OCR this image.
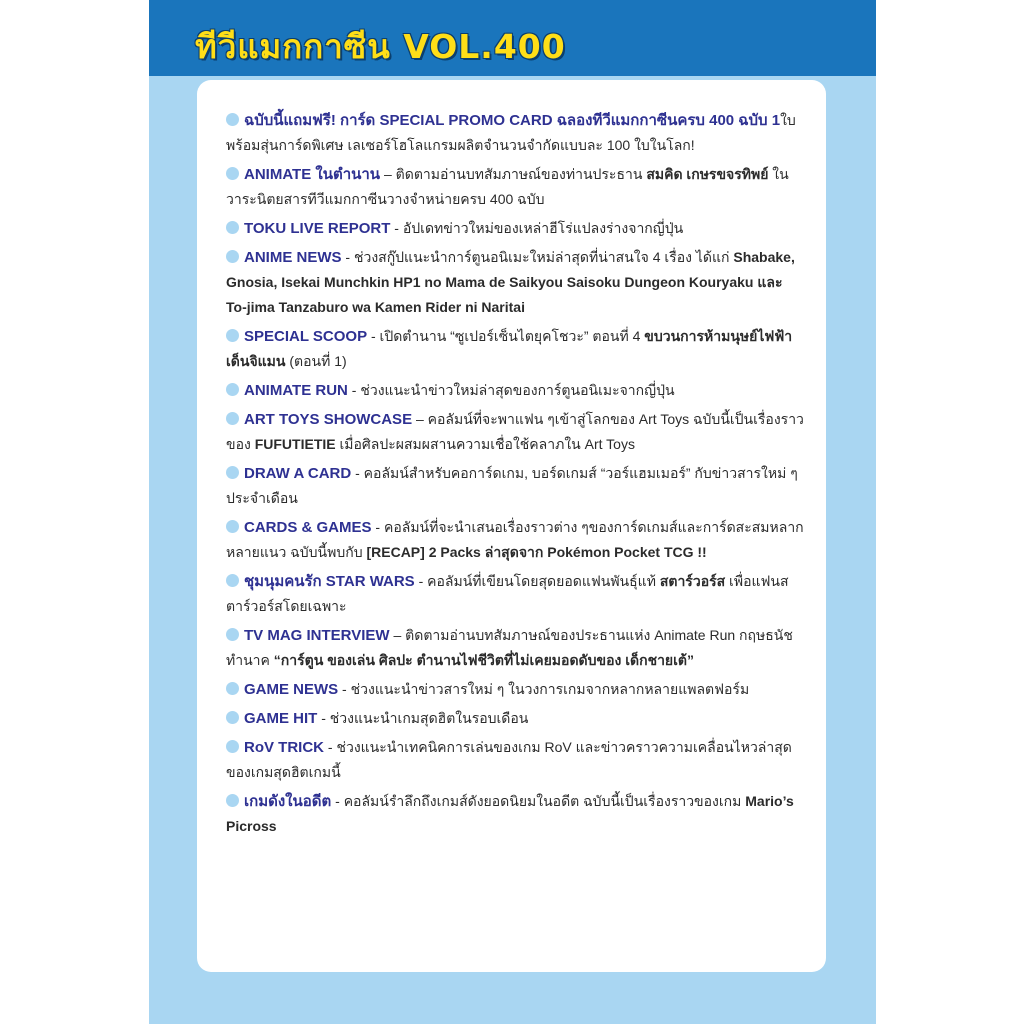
ทีวีแมกกาซีน VOL.400
ฉบับนี้แถมฟรี! การ์ด SPECIAL PROMO CARD ฉลองทีวีแมกกาซีนครบ 400 ฉบับ 1ใบ พร้อมสุ่นการ์ดพิเศษ เลเซอร์โฮโลแกรมผลิตจำนวนจำกัดแบบละ 100 ใบในโลก!
ANIMATE ในตำนาน – ติดตามอ่านบทสัมภาษณ์ของท่านประธาน สมคิด เกษรขจรทิพย์ ในวาระนิตยสารทีวีแมกกาซีนวางจำหน่ายครบ 400 ฉบับ
TOKU LIVE REPORT - อัปเดทข่าวใหม่ของเหล่าฮีโร่แปลงร่างจากญี่ปุ่น
ANIME NEWS - ช่วงสกู๊ปแนะนำการ์ตูนอนิเมะใหม่ล่าสุดที่น่าสนใจ 4 เรื่อง ได้แก่ Shabake, Gnosia, Isekai Munchkin HP1 no Mama de Saikyou Saisoku Dungeon Kouryaku และ To-jima Tanzaburo wa Kamen Rider ni Naritai
SPECIAL SCOOP - เปิดตำนาน “ซูเปอร์เซ็นไตยุคโชวะ” ตอนที่ 4 ขบวนการห้ามนุษย์ไฟฟ้าเด็นจิแมน (ตอนที่ 1)
ANIMATE RUN - ช่วงแนะนำข่าวใหม่ล่าสุดของการ์ตูนอนิเมะจากญี่ปุ่น
ART TOYS SHOWCASE – คอลัมน์ที่จะพาแฟน ๆเข้าสู่โลกของ Art Toys ฉบับนี้เป็นเรื่องราวของ FUFUTIETIE เมื่อศิลปะผสมผสานความเชื่อใช้คลาภใน Art Toys
DRAW A CARD - คอลัมน์สำหรับคอการ์ดเกม, บอร์ดเกมส์ “วอร์แฮมเมอร์” กับข่าวสารใหม่ ๆ ประจำเดือน
CARDS & GAMES - คอลัมน์ที่จะนำเสนอเรื่องราวต่าง ๆของการ์ดเกมส์และการ์ดสะสมหลากหลายแนว ฉบับนี้พบกับ [RECAP] 2 Packs ล่าสุดจาก Pokémon Pocket TCG !!
ชุมนุมคนรัก STAR WARS - คอลัมน์ที่เขียนโดยสุดยอดแฟนพันธุ์แท้ สตาร์วอร์ส เพื่อแฟนสตาร์วอร์สโดยเฉพาะ
TV MAG INTERVIEW – ติดตามอ่านบทสัมภาษณ์ของประธานแห่ง Animate Run กฤษธนัช ทำนาค “การ์ตูน ของเล่น ศิลปะ ตำนานไฟชีวิตที่ไม่เคยมอดดับของ เด็กชายเต้”
GAME NEWS - ช่วงแนะนำข่าวสารใหม่ ๆ ในวงการเกมจากหลากหลายแพลตฟอร์ม
GAME HIT - ช่วงแนะนำเกมสุดฮิตในรอบเดือน
RoV TRICK - ช่วงแนะนำเทคนิคการเล่นของเกม RoV และข่าวคราวความเคลื่อนไหวล่าสุดของเกมสุดฮิตเกมนี้
เกมดังในอดีต - คอลัมน์รำลึกถึงเกมส์ดังยอดนิยมในอดีต ฉบับนี้เป็นเรื่องราวของเกม Mario’s Picross
